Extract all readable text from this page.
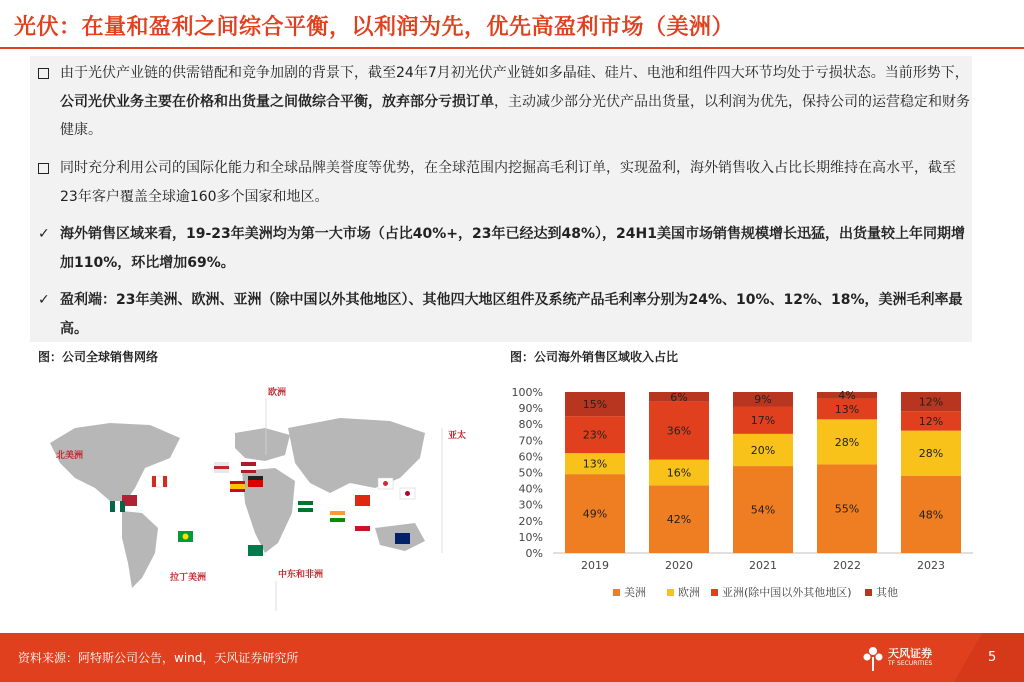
光伏：在量和盈利之间综合平衡，以利润为先，优先高盈利市场（美洲）
由于光伏产业链的供需错配和竞争加剧的背景下，截至24年7月初光伏产业链如多晶硅、硅片、电池和组件四大环节均处于亏损状态。当前形势下，公司光伏业务主要在价格和出货量之间做综合平衡，放弃部分亏损订单，主动减少部分光伏产品出货量，以利润为优先，保持公司的运营稳定和财务健康。
同时充分利用公司的国际化能力和全球品牌美誉度等优势，在全球范围内挖掘高毛利订单，实现盈利，海外销售收入占比长期维持在高水平，截至23年客户覆盖全球逾160多个国家和地区。
✓ 海外销售区域来看，19-23年美洲均为第一大市场（占比40%+，23年已经达到48%），24H1美国市场销售规模增长迅猛，出货量较上年同期增加110%，环比增加69%。
✓ 盈利端：23年美洲、欧洲、亚洲（除中国以外其他地区）、其他四大地区组件及系统产品毛利率分别为24%、10%、12%、18%，美洲毛利率最高。
图：公司全球销售网络	图：公司海外销售区域收入占比
北美洲
欧洲
亚太
拉丁美洲	中东和非洲
0%
10%
20%
30%
40%
50%
60%
70%
80%
90%
100%
49%
13%
23%
15%
2019
42%
16%
36%
6%
2020
54%
20%
17%
9%
2021
55%
28%
13%
4%
2022
48%
28%
12%
12%
2023
美洲	欧洲 亚洲(除中国以外其他地区) 其他
资料来源：阿特斯公司公告，wind，天风证券研究所	天风证券
TF SECURITIES	5
